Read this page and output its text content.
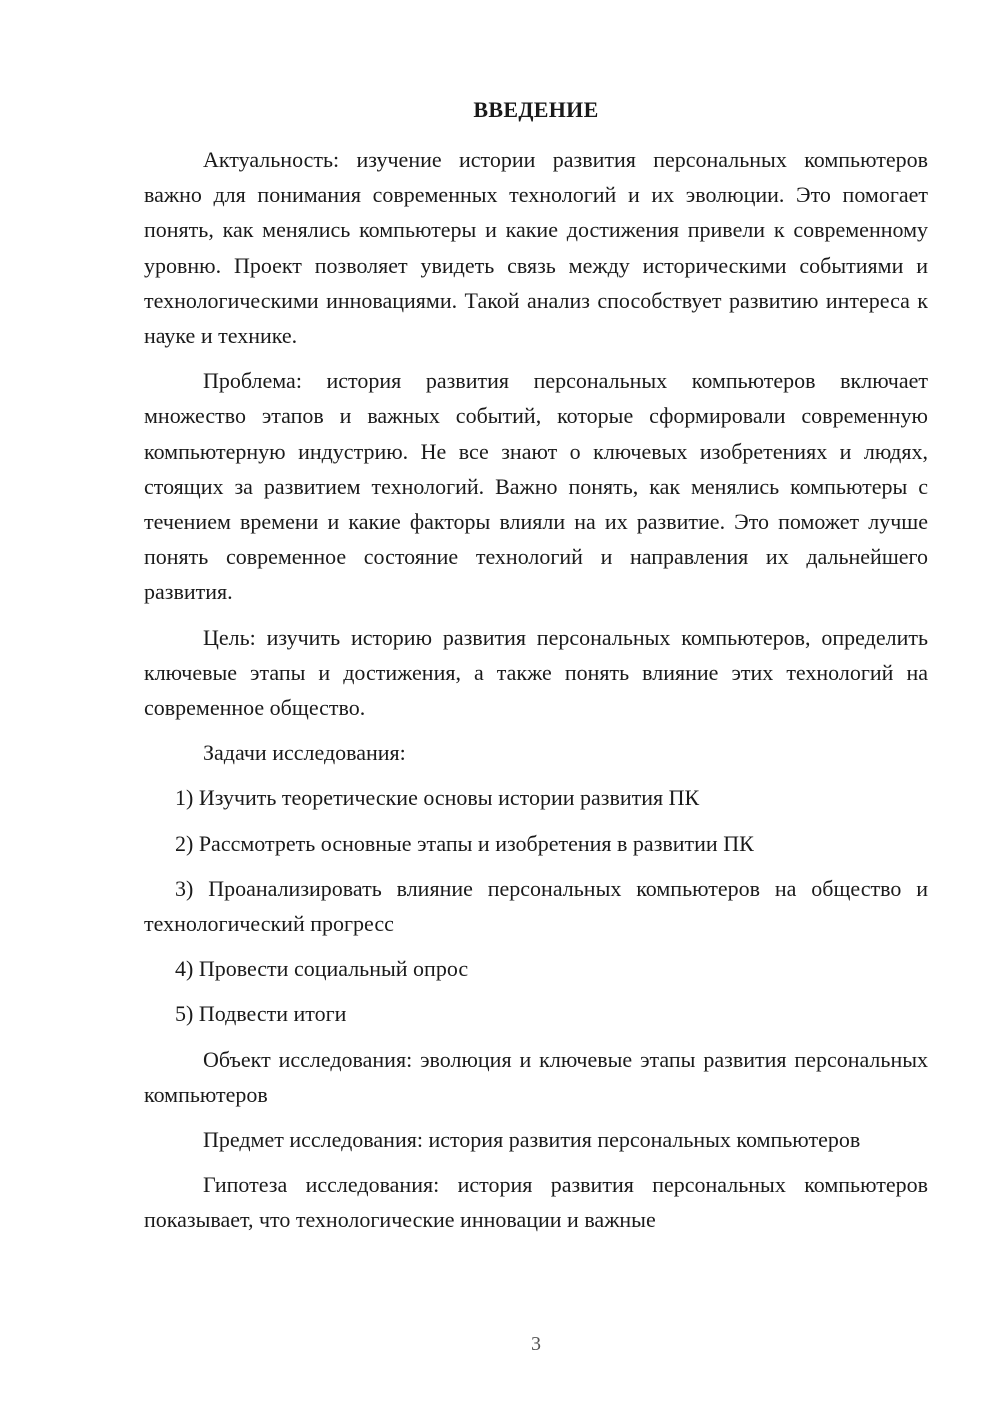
ВВЕДЕНИЕ

Актуальность: изучение истории развития персональных компьютеров важно для понимания современных технологий и их эволюции. Это помогает понять, как менялись компьютеры и какие достижения привели к современному уровню. Проект позволяет увидеть связь между историческими событиями и технологическими инновациями. Такой анализ способствует развитию интереса к науке и технике.

Проблема: история развития персональных компьютеров включает множество этапов и важных событий, которые сформировали современную компьютерную индустрию. Не все знают о ключевых изобретениях и людях, стоящих за развитием технологий. Важно понять, как менялись компьютеры с течением времени и какие факторы влияли на их развитие. Это поможет лучше понять современное состояние технологий и направления их дальнейшего развития.

Цель: изучить историю развития персональных компьютеров, определить ключевые этапы и достижения, а также понять влияние этих технологий на современное общество.

Задачи исследования:

1) Изучить теоретические основы истории развития ПК

2) Рассмотреть основные этапы и изобретения в развитии ПК

3) Проанализировать влияние персональных компьютеров на общество и технологический прогресс

4) Провести социальный опрос

5) Подвести итоги

Объект исследования: эволюция и ключевые этапы развития персональных компьютеров

Предмет исследования: история развития персональных компьютеров

Гипотеза исследования: история развития персональных компьютеров показывает, что технологические инновации и важные

3
